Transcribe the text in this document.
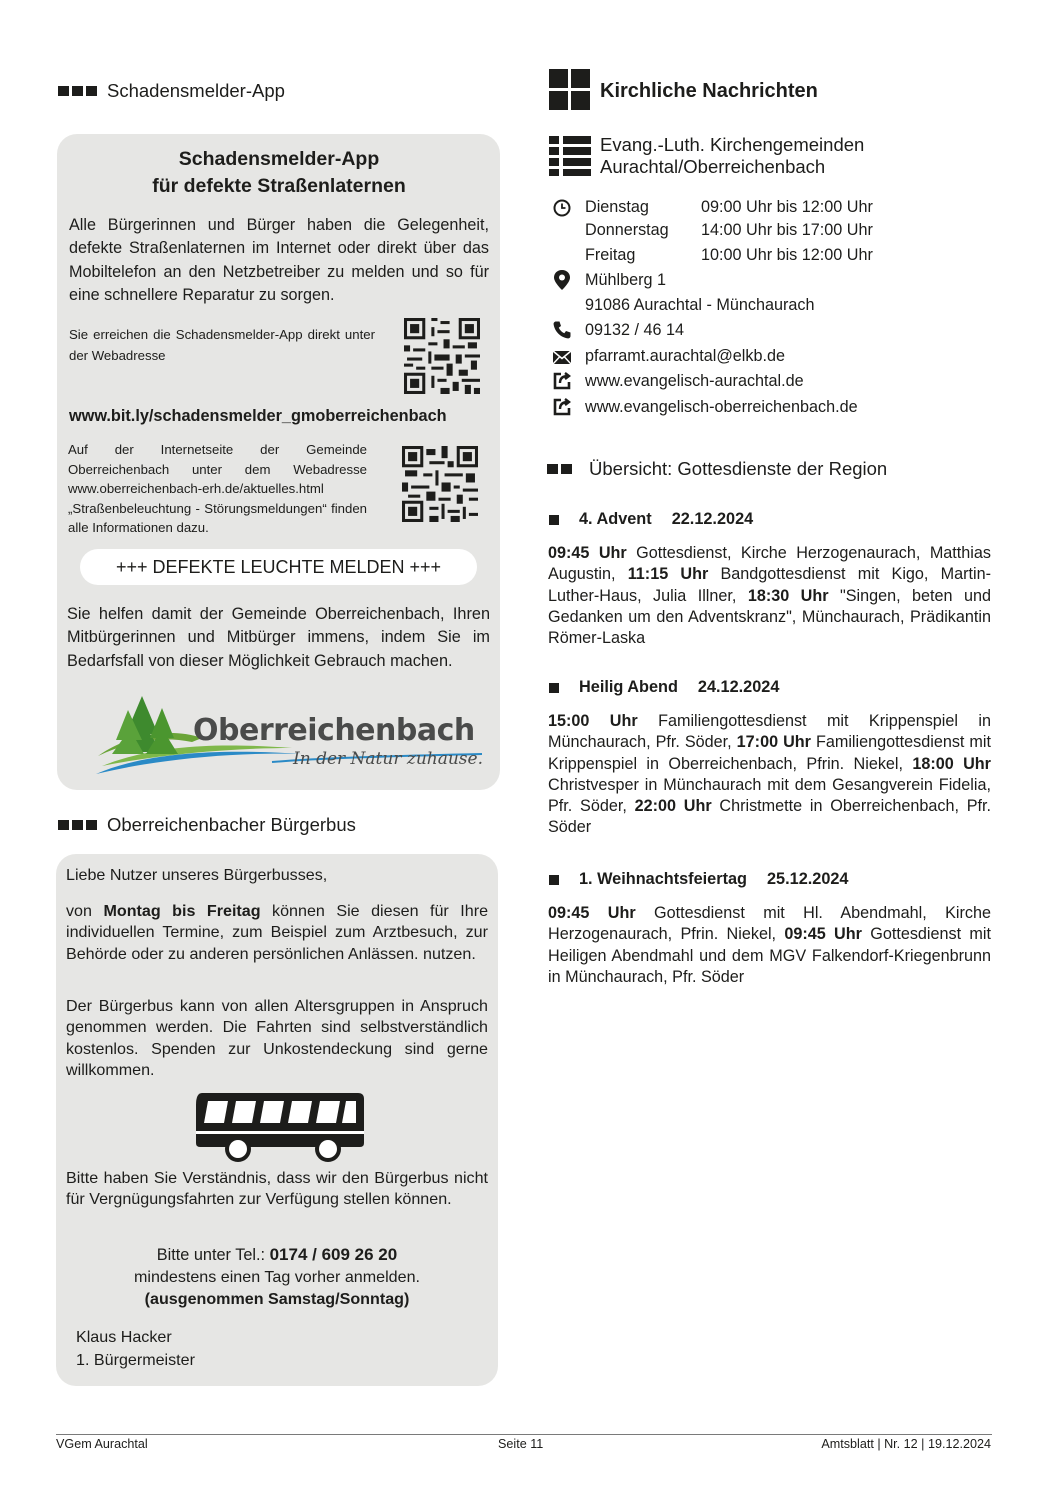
Schadensmelder-App
Schadensmelder-App
für defekte Straßenlaternen
Alle Bürgerinnen und Bürger haben die Gelegenheit, defekte Straßenlaternen im Internet oder direkt über das Mobiltelefon an den Netzbetreiber zu melden und so für eine schnellere Reparatur zu sorgen.
Sie erreichen die Schadensmelder-App direkt unter der Webadresse
www.bit.ly/schadensmelder_gmoberreichenbach
Auf der Internetseite der Gemeinde Oberreichenbach unter dem Webadresse www.oberreichenbach-erh.de/aktuelles.html „Straßenbeleuchtung - Störungsmeldungen“ finden alle Informationen dazu.
+++ DEFEKTE LEUCHTE MELDEN +++
Sie helfen damit der Gemeinde Oberreichenbach, Ihren Mitbürgerinnen und Mitbürger immens, indem Sie im Bedarfsfall von dieser Möglichkeit Gebrauch machen.
Oberreichenbach
In der Natur zuhause.
Oberreichenbacher Bürgerbus
Liebe Nutzer unseres Bürgerbusses,
von Montag bis Freitag können Sie diesen für Ihre individuellen Termine, zum Beispiel zum Arztbesuch, zur Behörde oder zu anderen persönlichen Anlässen. nutzen.
Der Bürgerbus kann von allen Altersgruppen in Anspruch genommen werden. Die Fahrten sind selbstverständlich kostenlos. Spenden zur Unkostendeckung sind gerne willkommen.
Bitte haben Sie Verständnis, dass wir den Bürgerbus nicht für Vergnügungsfahrten zur Verfügung stellen können.
Bitte unter Tel.: 0174 / 609 26 20
mindestens einen Tag vorher anmelden.
(ausgenommen Samstag/Sonntag)
Klaus Hacker
1. Bürgermeister
Kirchliche Nachrichten
Evang.-Luth. Kirchengemeinden
Aurachtal/Oberreichenbach
Dienstag	09:00 Uhr bis 12:00 Uhr
Donnerstag 14:00 Uhr bis 17:00 Uhr
Freitag	10:00 Uhr bis 12:00 Uhr
Mühlberg 1
91086 Aurachtal - Münchaurach
09132 / 46 14
pfarramt.aurachtal@elkb.de
www.evangelisch-aurachtal.de
www.evangelisch-oberreichenbach.de
Übersicht: Gottesdienste der Region
4. Advent 22.12.2024
09:45 Uhr Gottesdienst, Kirche Herzogenaurach, Matthias Augustin, 11:15 Uhr Bandgottesdienst mit Kigo, Martin-Luther-Haus, Julia Illner, 18:30 Uhr "Singen, beten und Gedanken um den Adventskranz", Münchaurach, Prädikantin Römer-Laska
Heilig Abend 24.12.2024
15:00 Uhr Familiengottesdienst mit Krippenspiel in Münchaurach, Pfr. Söder, 17:00 Uhr Familiengottesdienst mit Krippenspiel in Oberreichenbach, Pfrin. Niekel, 18:00 Uhr Christvesper in Münchaurach mit dem Gesangverein Fidelia, Pfr. Söder, 22:00 Uhr Christmette in Oberreichenbach, Pfr. Söder
1. Weihnachtsfeiertag 25.12.2024
09:45 Uhr Gottesdienst mit Hl. Abendmahl, Kirche Herzogenaurach, Pfrin. Niekel, 09:45 Uhr Gottesdienst mit Heiligen Abendmahl und dem MGV Falkendorf-Kriegenbrunn in Münchaurach, Pfr. Söder
VGem Aurachtal	Seite 11	Amtsblatt | Nr. 12 | 19.12.2024
